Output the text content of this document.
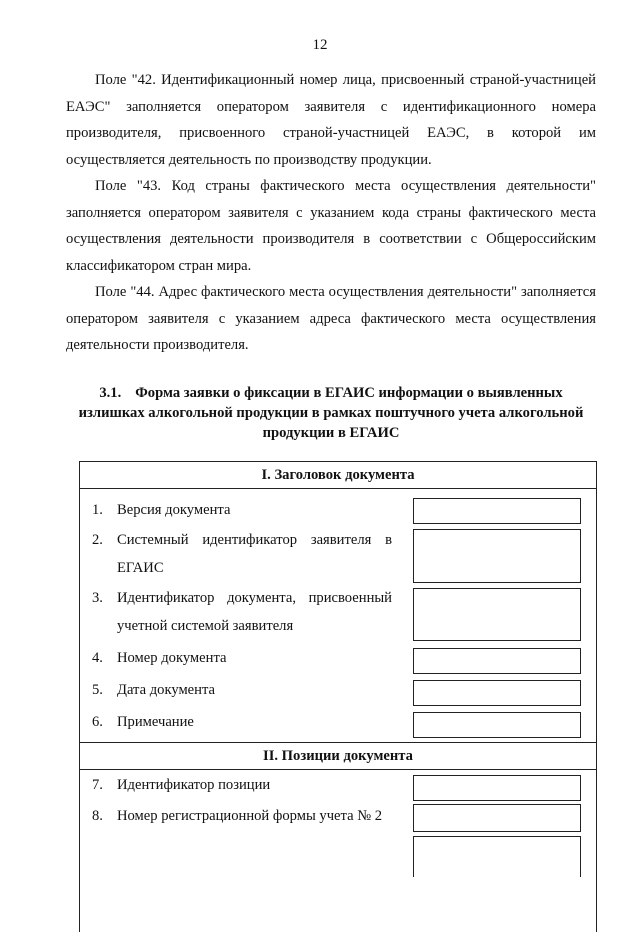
12

Поле "42. Идентификационный номер лица, присвоенный страной-участницей ЕАЭС" заполняется оператором заявителя с идентификационного номера производителя, присвоенного страной-участницей ЕАЭС, в которой им осуществляется деятельность по производству продукции.

Поле "43. Код страны фактического места осуществления деятельности" заполняется оператором заявителя с указанием кода страны фактического места осуществления деятельности производителя в соответствии с Общероссийским классификатором стран мира.

Поле "44. Адрес фактического места осуществления деятельности" заполняется оператором заявителя с указанием адреса фактического места осуществления деятельности производителя.

3.1. Форма заявки о фиксации в ЕГАИС информации о выявленных излишках алкогольной продукции в рамках поштучного учета алкогольной продукции в ЕГАИС
I. Заголовок документа
1. Версия документа
2. Системный идентификатор заявителя в ЕГАИС
3. Идентификатор документа, присвоенный учетной системой заявителя
4. Номер документа
5. Дата документа
6. Примечание
II. Позиции документа
7. Идентификатор позиции
8. Номер регистрационной формы учета № 2
